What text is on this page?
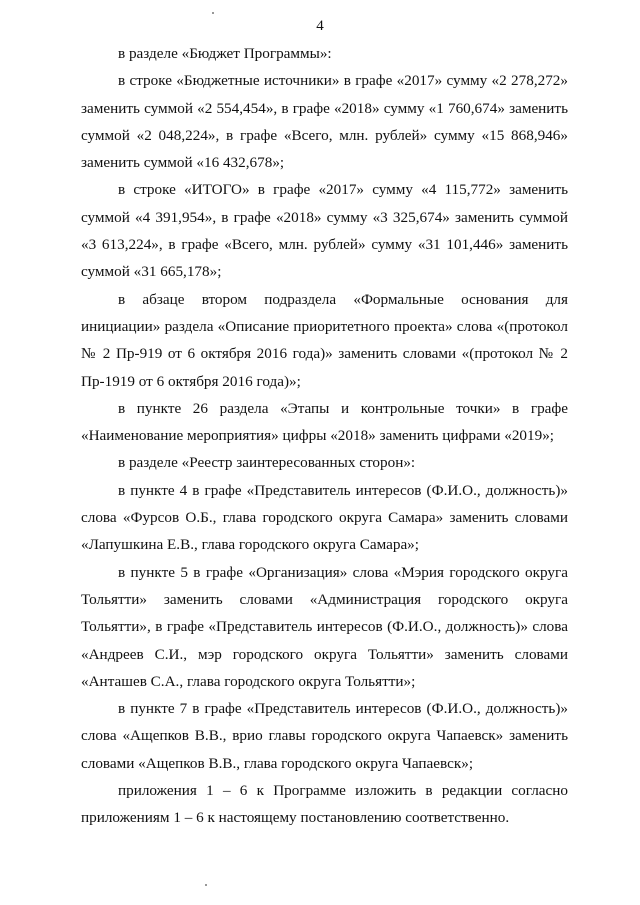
4

в разделе «Бюджет Программы»:

в строке «Бюджетные источники» в графе «2017» сумму «2 278,272» заменить суммой «2 554,454», в графе «2018» сумму «1 760,674» заменить суммой «2 048,224», в графе «Всего, млн. рублей» сумму «15 868,946» заменить суммой «16 432,678»;

в строке «ИТОГО» в графе «2017» сумму «4 115,772» заменить суммой «4 391,954», в графе «2018» сумму «3 325,674» заменить суммой «3 613,224», в графе «Всего, млн. рублей» сумму «31 101,446» заменить суммой «31 665,178»;

в абзаце втором подраздела «Формальные основания для инициации» раздела «Описание приоритетного проекта» слова «(протокол № 2 Пр-919 от 6 октября 2016 года)» заменить словами «(протокол № 2 Пр-1919 от 6 октября 2016 года)»;

в пункте 26 раздела «Этапы и контрольные точки» в графе «Наименование мероприятия» цифры «2018» заменить цифрами «2019»;

в разделе «Реестр заинтересованных сторон»:

в пункте 4 в графе «Представитель интересов (Ф.И.О., должность)» слова «Фурсов О.Б., глава городского округа Самара» заменить словами «Лапушкина Е.В., глава городского округа Самара»;

в пункте 5 в графе «Организация» слова «Мэрия городского округа Тольятти» заменить словами «Администрация городского округа Тольятти», в графе «Представитель интересов (Ф.И.О., должность)» слова «Андреев С.И., мэр городского округа Тольятти» заменить словами «Анташев С.А., глава городского округа Тольятти»;

в пункте 7 в графе «Представитель интересов (Ф.И.О., должность)» слова «Ащепков В.В., врио главы городского округа Чапаевск» заменить словами «Ащепков В.В., глава городского округа Чапаевск»;

приложения 1 – 6 к Программе изложить в редакции согласно приложениям 1 – 6 к настоящему постановлению соответственно.
